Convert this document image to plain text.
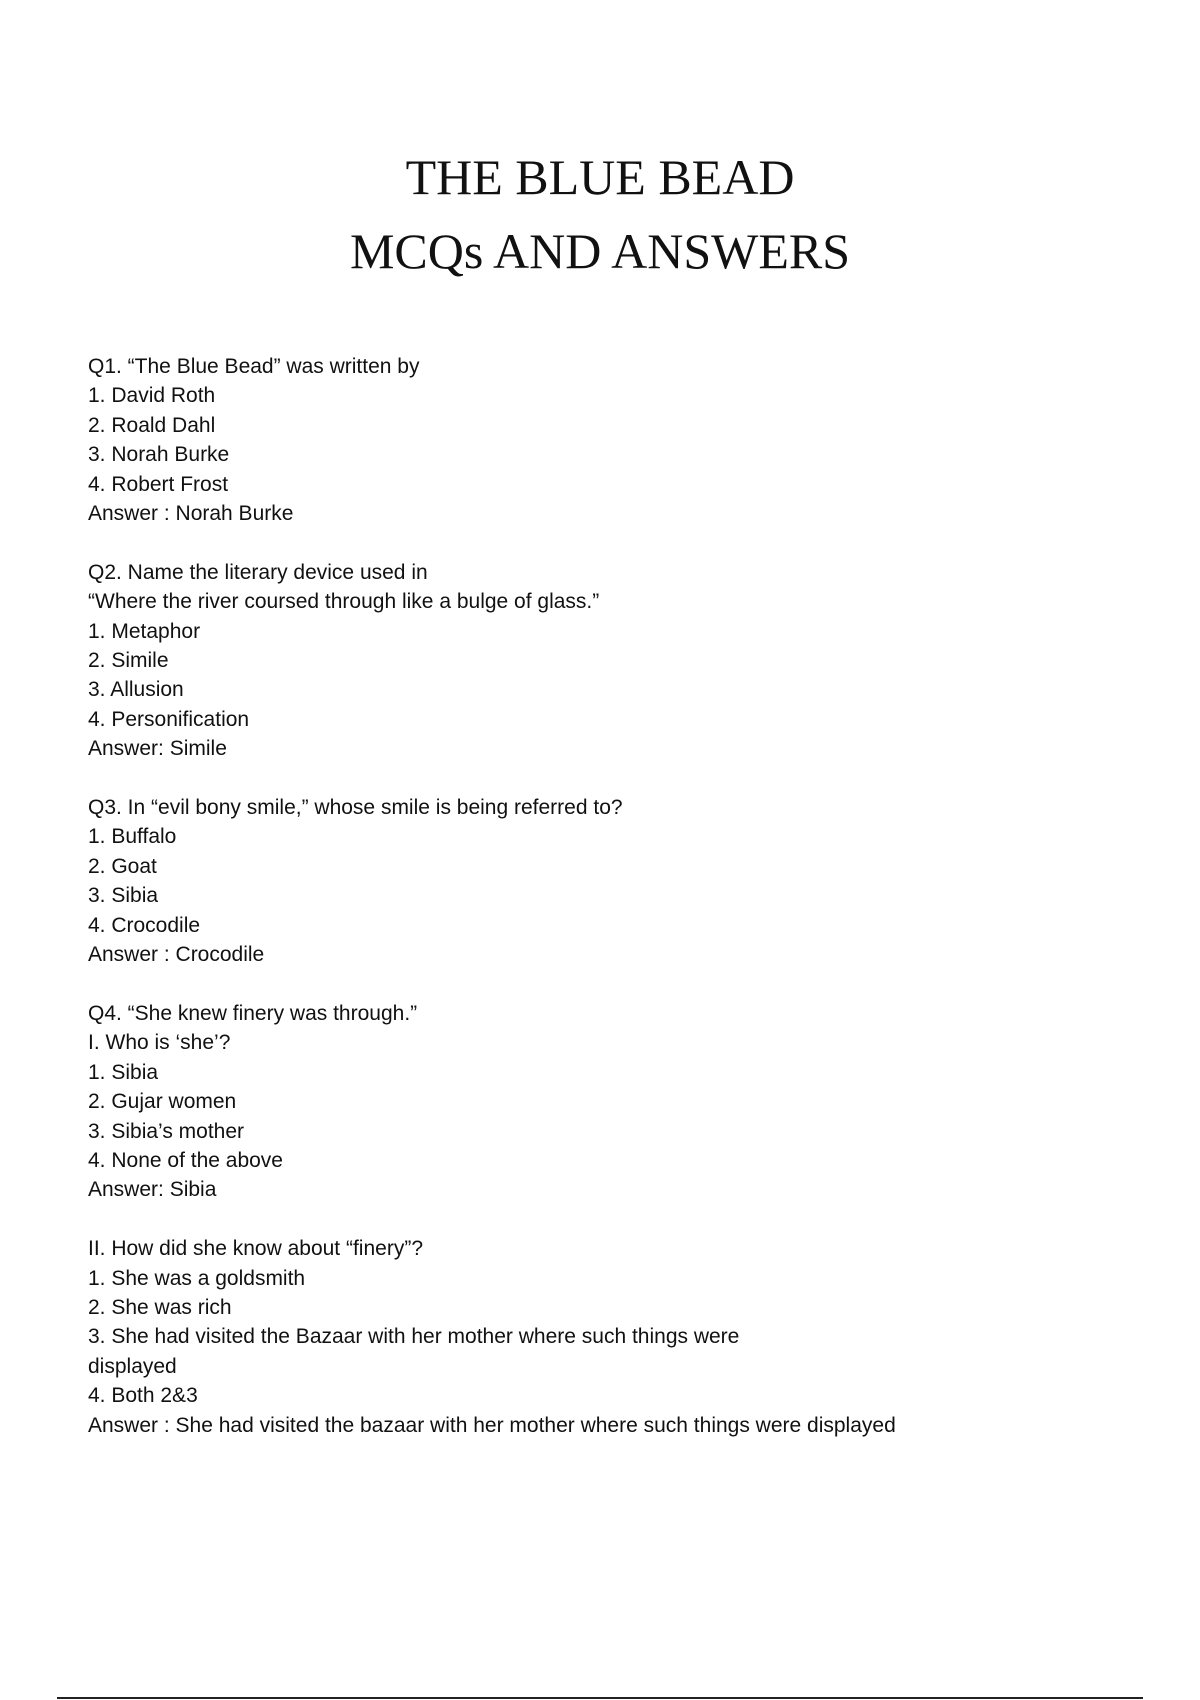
THE BLUE BEAD
MCQs AND ANSWERS
Q1. “The Blue Bead” was written by
1. David Roth
2. Roald Dahl
3. Norah Burke
4. Robert Frost
Answer : Norah Burke
Q2. Name the literary device used in
“Where the river coursed through like a bulge of glass.”
1. Metaphor
2. Simile
3. Allusion
4. Personification
Answer: Simile
Q3. In “evil bony smile,” whose smile is being referred to?
1. Buffalo
2. Goat
3. Sibia
4. Crocodile
Answer : Crocodile
Q4. “She knew finery was through.”
I. Who is ‘she’?
1. Sibia
2. Gujar women
3. Sibia’s mother
4. None of the above
Answer: Sibia
II. How did she know about “finery”?
1. She was a goldsmith
2. She was rich
3. She had visited the Bazaar with her mother where such things were
displayed
4. Both 2&3
Answer : She had visited the bazaar with her mother where such things were displayed
